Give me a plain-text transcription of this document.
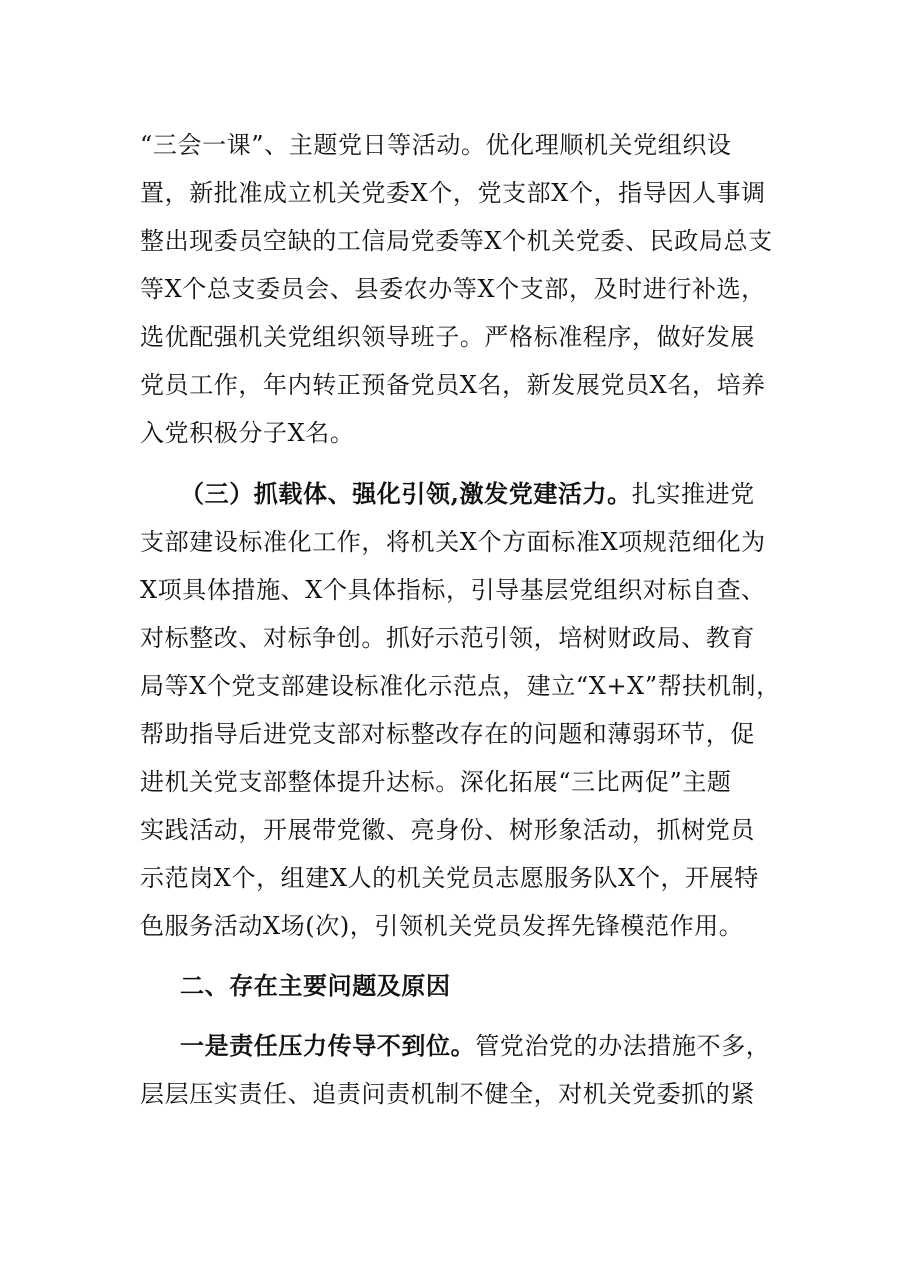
“三会一课”、主题党日等活动。优化理顺机关党组织设
置，新批准成立机关党委X个，党支部X个，指导因人事调
整出现委员空缺的工信局党委等X个机关党委、民政局总支
等X个总支委员会、县委农办等X个支部，及时进行补选，
选优配强机关党组织领导班子。严格标准程序，做好发展
党员工作，年内转正预备党员X名，新发展党员X名，培养
入党积极分子X名。
（三）抓载体、强化引领,激发党建活力。扎实推进党
支部建设标准化工作，将机关X个方面标准X项规范细化为
X项具体措施、X个具体指标，引导基层党组织对标自查、
对标整改、对标争创。抓好示范引领，培树财政局、教育
局等X个党支部建设标准化示范点，建立“X+X”帮扶机制，
帮助指导后进党支部对标整改存在的问题和薄弱环节，促
进机关党支部整体提升达标。深化拓展“三比两促”主题
实践活动，开展带党徽、亮身份、树形象活动，抓树党员
示范岗X个，组建X人的机关党员志愿服务队X个，开展特
色服务活动X场(次)，引领机关党员发挥先锋模范作用。
二、存在主要问题及原因
一是责任压力传导不到位。管党治党的办法措施不多，
层层压实责任、追责问责机制不健全，对机关党委抓的紧
